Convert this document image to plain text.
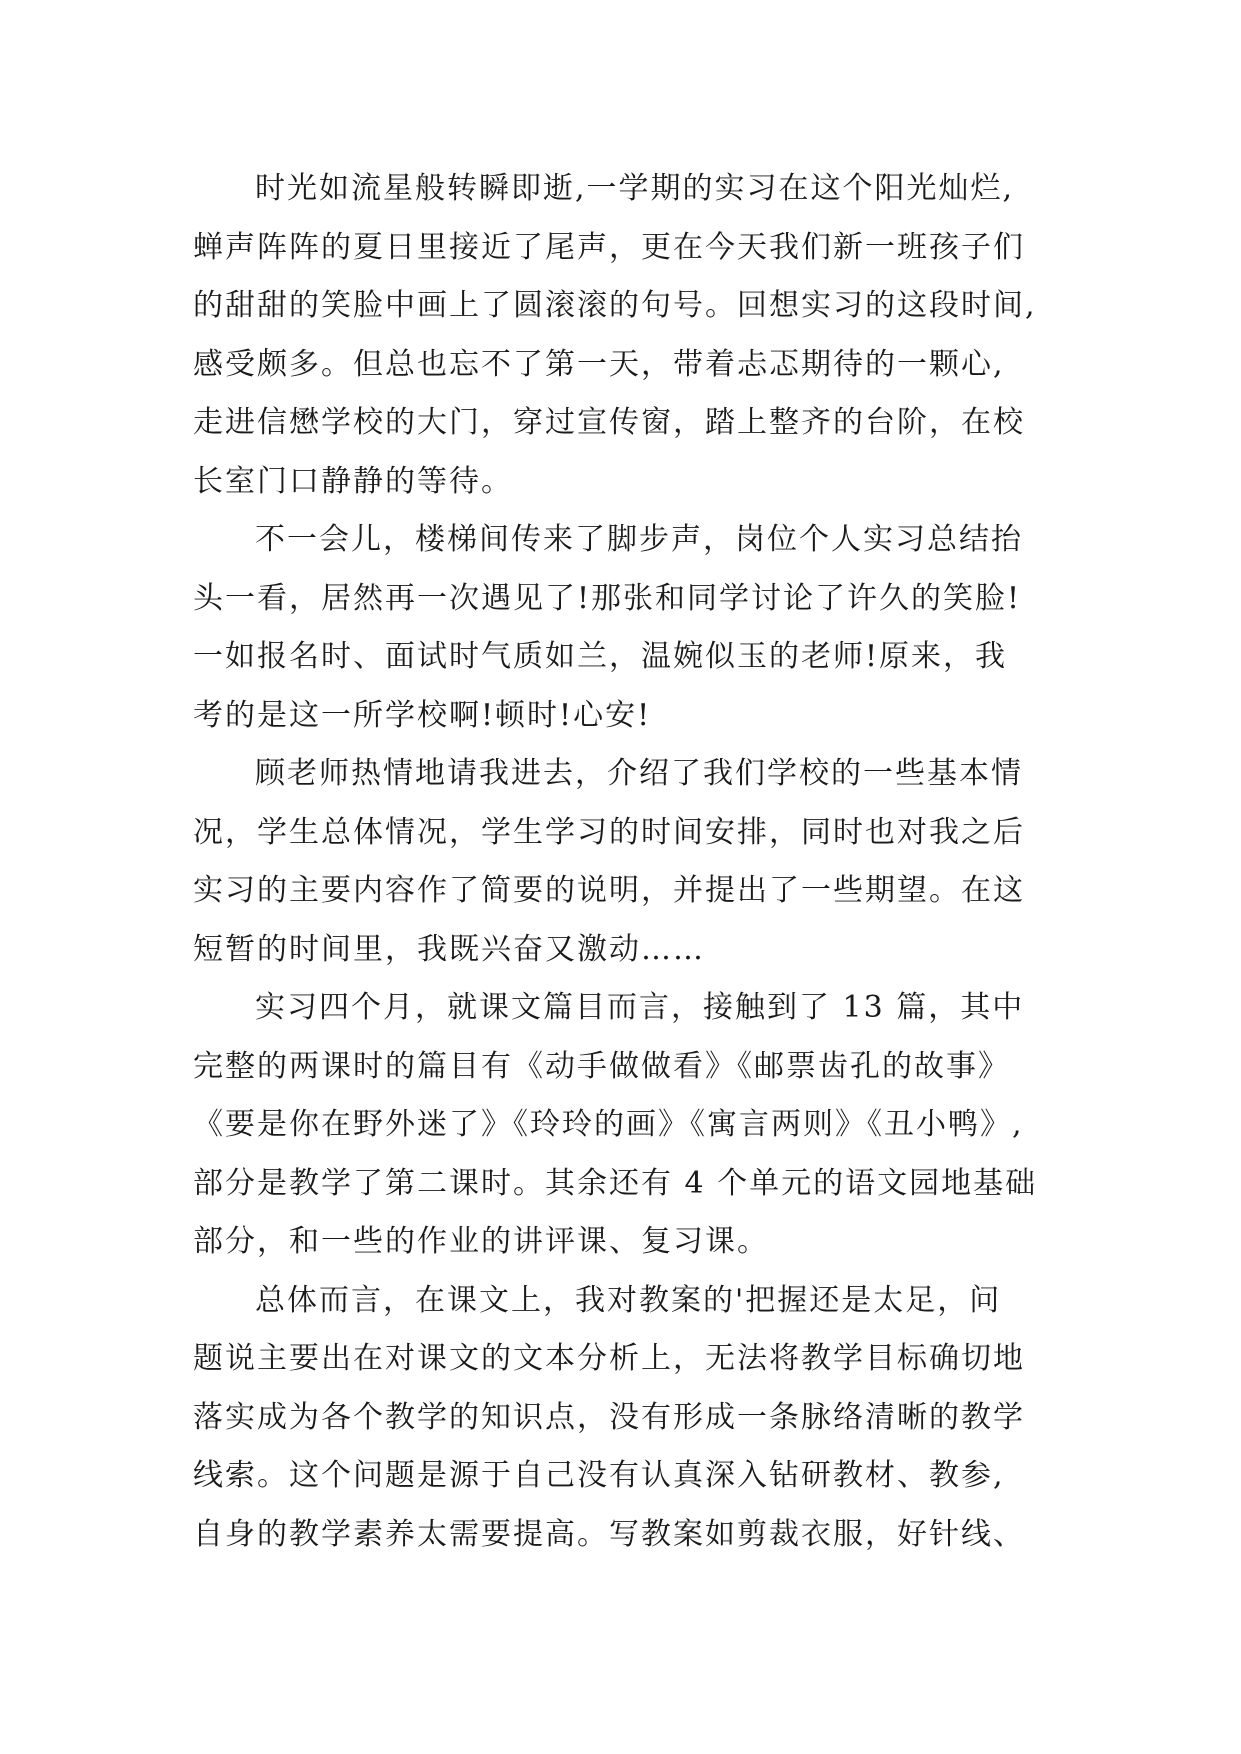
时光如流星般转瞬即逝,一学期的实习在这个阳光灿烂,
蝉声阵阵的夏日里接近了尾声，更在今天我们新一班孩子们
的甜甜的笑脸中画上了圆滚滚的句号。回想实习的这段时间,
感受颇多。但总也忘不了第一天，带着忐忑期待的一颗心,
走进信懋学校的大门，穿过宣传窗，踏上整齐的台阶，在校
长室门口静静的等待。
不一会儿，楼梯间传来了脚步声，岗位个人实习总结抬
头一看，居然再一次遇见了!那张和同学讨论了许久的笑脸!
一如报名时、面试时气质如兰，温婉似玉的老师!原来，我
考的是这一所学校啊!顿时!心安!
顾老师热情地请我进去，介绍了我们学校的一些基本情
况，学生总体情况，学生学习的时间安排，同时也对我之后
实习的主要内容作了简要的说明，并提出了一些期望。在这
短暂的时间里，我既兴奋又激动……
实习四个月，就课文篇目而言，接触到了 13 篇，其中
完整的两课时的篇目有《动手做做看》《邮票齿孔的故事》
《要是你在野外迷了》《玲玲的画》《寓言两则》《丑小鸭》,
部分是教学了第二课时。其余还有 4 个单元的语文园地基础
部分，和一些的作业的讲评课、复习课。
总体而言，在课文上，我对教案的'把握还是太足，问
题说主要出在对课文的文本分析上，无法将教学目标确切地
落实成为各个教学的知识点，没有形成一条脉络清晰的教学
线索。这个问题是源于自己没有认真深入钻研教材、教参,
自身的教学素养太需要提高。写教案如剪裁衣服，好针线、
